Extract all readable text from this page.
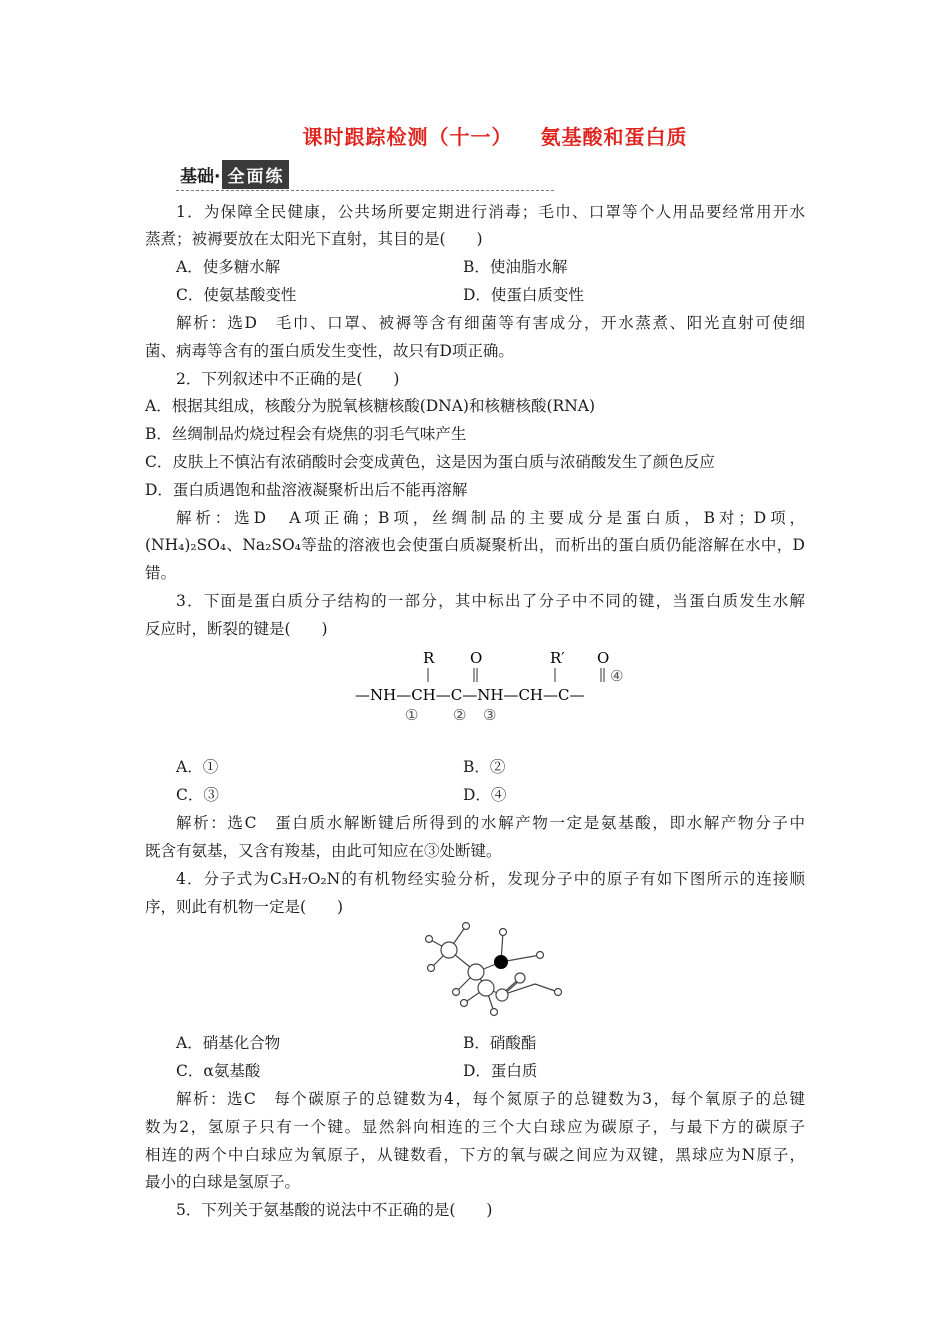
课时跟踪检测（十一） 氨基酸和蛋白质
基础· 全面练
1．为保障全民健康，公共场所要定期进行消毒；毛巾、口罩等个人用品要经常用开水
蒸煮；被褥要放在太阳光下直射，其目的是(　　)
A．使多糖水解	B．使油脂水解
C．使氨基酸变性	D．使蛋白质变性
解析：选D　毛巾、口罩、被褥等含有细菌等有害成分，开水蒸煮、阳光直射可使细
菌、病毒等含有的蛋白质发生变性，故只有D项正确。
2．下列叙述中不正确的是(　　)
A．根据其组成，核酸分为脱氧核糖核酸(DNA)和核糖核酸(RNA)
B．丝绸制品灼烧过程会有烧焦的羽毛气味产生
C．皮肤上不慎沾有浓硝酸时会变成黄色，这是因为蛋白质与浓硝酸发生了颜色反应
D．蛋白质遇饱和盐溶液凝聚析出后不能再溶解
解析：选D　A项正确；B项，丝绸制品的主要成分是蛋白质，B对；D项，
(NH₄)₂SO₄、Na₂SO₄等盐的溶液也会使蛋白质凝聚析出，而析出的蛋白质仍能溶解在水中，D
错。
3．下面是蛋白质分子结构的一部分，其中标出了分子中不同的键，当蛋白质发生水解
反应时，断裂的键是(　　)
R O	R′ O
④
—NH—CH—C—NH—CH—C—
① ② ③
A．①	B．②
C．③	D．④
解析：选C　蛋白质水解断键后所得到的水解产物一定是氨基酸，即水解产物分子中
既含有氨基，又含有羧基，由此可知应在③处断键。
4．分子式为C₃H₇O₂N的有机物经实验分析，发现分子中的原子有如下图所示的连接顺
序，则此有机物一定是(　　)
A．硝基化合物	B．硝酸酯
C．α氨基酸	D．蛋白质
解析：选C　每个碳原子的总键数为4，每个氮原子的总键数为3，每个氧原子的总键
数为2，氢原子只有一个键。显然斜向相连的三个大白球应为碳原子，与最下方的碳原子
相连的两个中白球应为氧原子，从键数看，下方的氧与碳之间应为双键，黑球应为N原子，
最小的白球是氢原子。
5．下列关于氨基酸的说法中不正确的是(　　)
